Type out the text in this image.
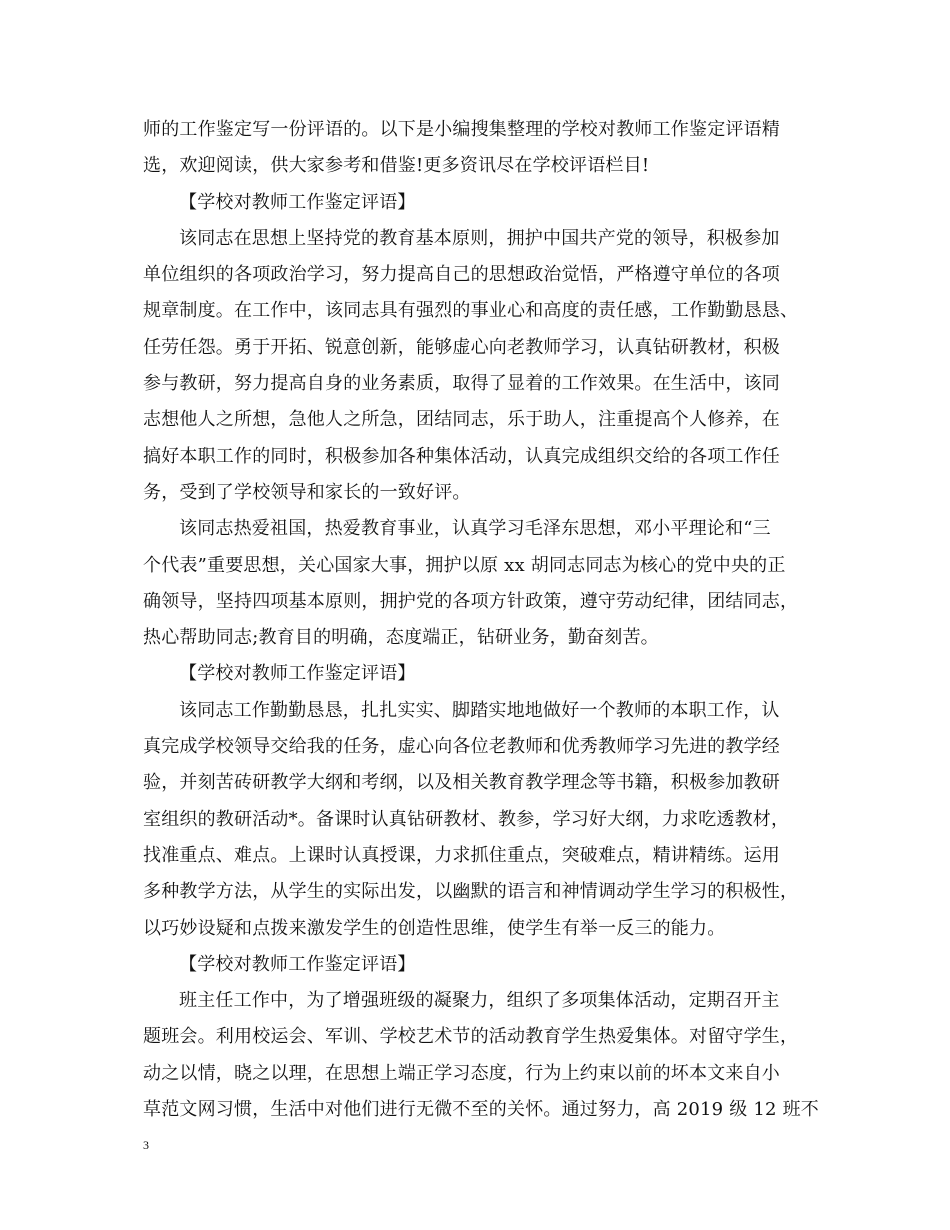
师的工作鉴定写一份评语的。以下是小编搜集整理的学校对教师工作鉴定评语精
选，欢迎阅读，供大家参考和借鉴!更多资讯尽在学校评语栏目!
【学校对教师工作鉴定评语】
该同志在思想上坚持党的教育基本原则，拥护中国共产党的领导，积极参加
单位组织的各项政治学习，努力提高自己的思想政治觉悟，严格遵守单位的各项
规章制度。在工作中，该同志具有强烈的事业心和高度的责任感，工作勤勤恳恳、
任劳任怨。勇于开拓、锐意创新，能够虚心向老教师学习，认真钻研教材，积极
参与教研，努力提高自身的业务素质，取得了显着的工作效果。在生活中，该同
志想他人之所想，急他人之所急，团结同志，乐于助人，注重提高个人修养，在
搞好本职工作的同时，积极参加各种集体活动，认真完成组织交给的各项工作任
务，受到了学校领导和家长的一致好评。
该同志热爱祖国，热爱教育事业，认真学习毛泽东思想，邓小平理论和“三
个代表”重要思想，关心国家大事，拥护以原 xx 胡同志同志为核心的党中央的正
确领导，坚持四项基本原则，拥护党的各项方针政策，遵守劳动纪律，团结同志，
热心帮助同志;教育目的明确，态度端正，钻研业务，勤奋刻苦。
【学校对教师工作鉴定评语】
该同志工作勤勤恳恳，扎扎实实、脚踏实地地做好一个教师的本职工作，认
真完成学校领导交给我的任务，虚心向各位老教师和优秀教师学习先进的教学经
验，并刻苦砖研教学大纲和考纲，以及相关教育教学理念等书籍，积极参加教研
室组织的教研活动*。备课时认真钻研教材、教参，学习好大纲，力求吃透教材，
找准重点、难点。上课时认真授课，力求抓住重点，突破难点，精讲精练。运用
多种教学方法，从学生的实际出发，以幽默的语言和神情调动学生学习的积极性，
以巧妙设疑和点拨来激发学生的创造性思维，使学生有举一反三的能力。
【学校对教师工作鉴定评语】
班主任工作中，为了增强班级的凝聚力，组织了多项集体活动，定期召开主
题班会。利用校运会、军训、学校艺术节的活动教育学生热爱集体。对留守学生，
动之以情，晓之以理，在思想上端正学习态度，行为上约束以前的坏本文来自小
草范文网习惯，生活中对他们进行无微不至的关怀。通过努力，高 2019 级 12 班不
3
